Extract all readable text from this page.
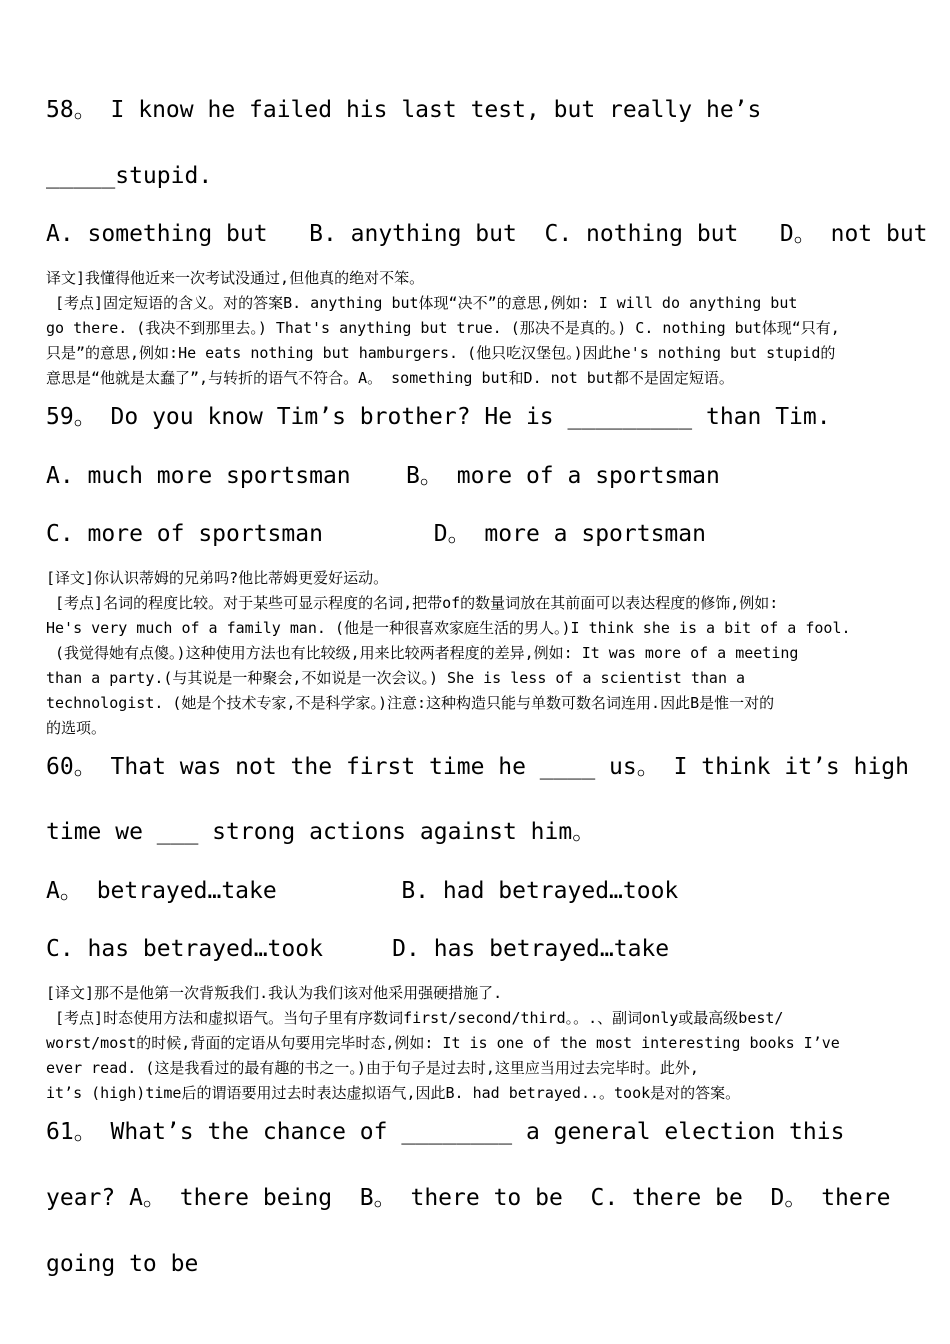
58。 I know he failed his last test, but really he’s

_____stupid.

A. something but   B. anything but  C. nothing but   D。 not but

译文]我懂得他近来一次考试没通过,但他真的绝对不笨。

[考点]固定短语的含义。对的答案B. anything but体现“决不”的意思,例如: I will do anything but

go there. (我决不到那里去。) That's anything but true. (那决不是真的。) C. nothing but体现“只有,

只是”的意思,例如:He eats nothing but hamburgers. (他只吃汉堡包。)因此he's nothing but stupid的

意思是“他就是太蠢了”,与转折的语气不符合。A。 something but和D. not but都不是固定短语。

59。 Do you know Tim’s brother? He is _________ than Tim.

A. much more sportsman    B。 more of a sportsman

C. more of sportsman        D。 more a sportsman

[译文]你认识蒂姆的兄弟吗?他比蒂姆更爱好运动。

[考点]名词的程度比较。对于某些可显示程度的名词,把带of的数量词放在其前面可以表达程度的修饰,例如:

He's very much of a family man. (他是一种很喜欢家庭生活的男人。)I think she is a bit of a fool.

(我觉得她有点傻。)这种使用方法也有比较级,用来比较两者程度的差异,例如: It was more of a meeting

than a party.(与其说是一种聚会,不如说是一次会议。) She is less of a scientist than a

technologist. (她是个技术专家,不是科学家。)注意:这种构造只能与单数可数名词连用.因此B是惟一对的

的选项。

60。 That was not the first time he ____ us。 I think it’s high

time we ___ strong actions against him。

A。 betrayed…take         B. had betrayed…took

C. has betrayed…took     D. has betrayed…take

[译文]那不是他第一次背叛我们.我认为我们该对他采用强硬措施了.

[考点]时态使用方法和虚拟语气。当句子里有序数词first/second/third。。.、副词only或最高级best/

worst/most的时候,背面的定语从句要用完毕时态,例如: It is one of the most interesting books I’ve

ever read. (这是我看过的最有趣的书之一。)由于句子是过去时,这里应当用过去完毕时。此外,

it’s (high)time后的谓语要用过去时表达虚拟语气,因此B. had betrayed..。took是对的答案。

61。 What’s the chance of ________ a general election this

year? A。 there being  B。 there to be  C. there be  D。 there

going to be
